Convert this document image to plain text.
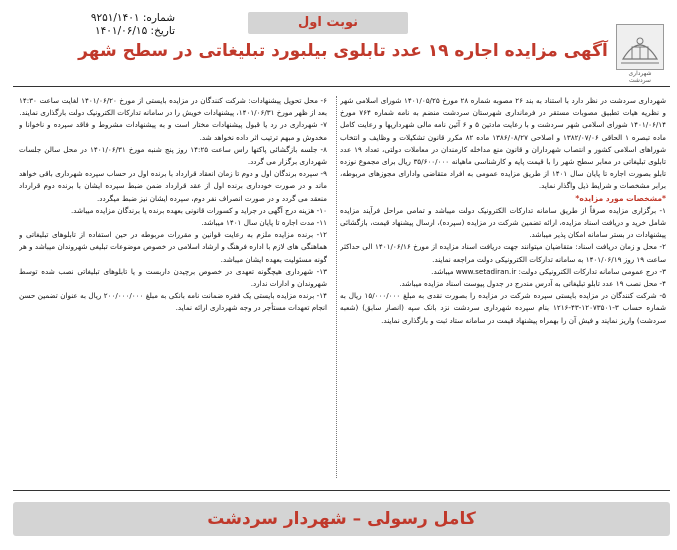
شماره: ۹۲۵۱/۱۴۰۱
تاریخ: ۱۴۰۱/۰۶/۱۵
نوبت اول
شهرداری سردشت
آگهی مزایده اجاره ۱۹ عدد تابلوی بیلبورد تبلیغاتی در سطح شهر

شهرداری سردشت در نظر دارد با استناد به بند ۲۶ مصوبه شماره ۲۸ مورخ ۱۴۰۱/۰۵/۲۵ شورای اسلامی شهر و نظریه هیات تطبیق مصوبات مستقر در فرمانداری شهرستان سردشت منضم به نامه شماره ۷۶۴ مورخ ۱۴۰۱/۰۶/۱۴ شورای اسلامی شهر سردشت و با رعایت مادتین ۵ و ۶ آئین نامه مالی شهرداریها و رعایت کامل ماده تبصره ۱ الحاقی ۱۳۸۲/۰۷/۰۶ و اصلاحی ۱۳۸۶/۰۸/۲۷ ماده ۸۲ مکرر قانون تشکیلات و وظایف و انتخاب شوراهای اسلامی کشور و انتصاب شهرداران و قانون منع مداخله کارمندان در معاملات دولتی، تعداد ۱۹ عدد تابلوی تبلیغاتی در معابر سطح شهر را با قیمت پایه و کارشناسی ماهیانه ۳۵/۶۰۰/۰۰۰ ریال برای مجموع نوزده تابلو بصورت اجاره تا پایان سال ۱۴۰۱ از طریق مزایده عمومی به افراد متقاضی وادارای مجوزهای مربوطه، برابر مشخصات و شرایط ذیل واگذار نماید.

*مشخصات مورد مزایده*

۱- برگزاری مزایده صرفاً از طریق سامانه تدارکات الکترونیک دولت میباشد و تمامی مراحل فرآیند مزایده شامل خرید و دریافت اسناد مزایده، ارائه تضمین شرکت در مزایده (سپرده)، ارسال پیشنهاد قیمت، بازگشائی پیشنهادات در بستر سامانه امکان پذیر میباشد.

۲- محل و زمان دریافت اسناد: متقاضیان میتوانند جهت دریافت اسناد مزایده از مورخ ۱۴۰۱/۰۶/۱۶ الی حداکثر ساعت ۱۹ روز ۱۴۰۱/۰۶/۱۹ به سامانه تدارکات الکترونیکی دولت مراجعه نمایند.

۳- درج عمومی سامانه تدارکات الکترونیکی دولت: www.setadiran.ir میباشد.

۴- محل نصب ۱۹ عدد تابلو تبلیغاتی به آدرس مندرج در جدول پیوست اسناد مزایده میباشد.

۵- شرکت کنندگان در مزایده بایستی سپرده شرکت در مزایده را بصورت نقدی به مبلغ ۱۵/۰۰۰/۰۰۰ ریال به شماره حساب ۳-۱۲۰۷۳۵۰۱-۴۳-۱۲۱۶ بنام سپرده شهرداری سردشت نزد بانک سپه (انصار سابق) (شعبه سردشت) واریز نمایند و فیش آن را بهمراه پیشنهاد قیمت در سامانه ستاد ثبت و بارگذاری نمایند.

۶- محل تحویل پیشنهادات: شرکت کنندگان در مزایده بایستی از مورخ ۱۴۰۱/۰۶/۲۰ لغایت ساعت ۱۴:۳۰ بعد از ظهر مورخ ۱۴۰۱/۰۶/۳۱، پیشنهادات خویش را در سامانه تدارکات الکترونیک دولت بارگذاری نمایند.

۷- شهرداری در رد یا قبول پیشنهادات مختار است و به پیشنهادات مشروط و فاقد سپرده و ناخوانا و مخدوش و مبهم ترتیب اثر داده نخواهد شد.

۸- جلسه بازگشائی پاکتها راس ساعت ۱۴:۲۵ روز پنج شنبه مورخ ۱۴۰۱/۰۶/۳۱ در محل سالن جلسات شهرداری برگزار می گردد.

۹- سپرده برندگان اول و دوم تا زمان انعقاد قرارداد با برنده اول در حساب سپرده شهرداری باقی خواهد ماند و در صورت خودداری برنده اول از عقد قرارداد ضمن ضبط سپرده ایشان با برنده دوم قرارداد منعقد می گردد و در صورت انصراف نفر دوم، سپرده ایشان نیز ضبط میگردد.

۱۰- هزینه درج آگهی در جراید و کسورات قانونی بعهده برنده یا برندگان مزایده میباشد.

۱۱- مدت اجاره تا پایان سال ۱۴۰۱ میباشد.

۱۲- برنده مزایده ملزم به رعایت قوانین و مقررات مربوطه در حین استفاده از تابلوهای تبلیغاتی و هماهنگی های لازم با اداره فرهنگ و ارشاد اسلامی در خصوص موضوعات تبلیغی شهروندان میباشد و هر گونه مسئولیت بعهده ایشان میباشد.

۱۳- شهرداری هیچگونه تعهدی در خصوص برچیدن داربست و یا تابلوهای تبلیغاتی نصب شده توسط شهروندان و ادارات ندارد.

۱۴- برنده مزایده بایستی یک فقره ضمانت نامه بانکی به مبلغ ۲۰۰/۰۰۰/۰۰۰ ریال به عنوان تضمین حسن انجام تعهدات مستأجر در وجه شهرداری ارائه نماید.

کامل رسولی – شهردار سردشت
